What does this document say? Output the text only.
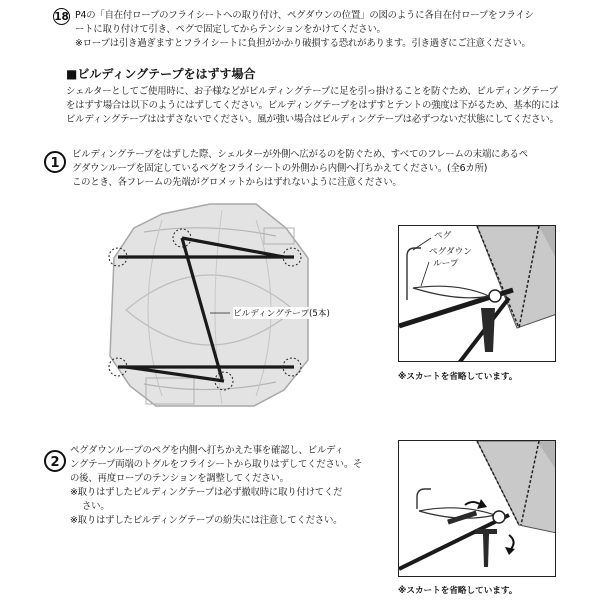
18 P4の「自在付ロープのフライシートへの取り付け、ペグダウンの位置」の図のように各自在付ロープをフライシ
ートに取り付けて引き、ペグで固定してからテンションをかけてください。
※ロープは引き過ぎますとフライシートに負担がかかり破損する恐れがあります。引き過ぎにご注意ください。
■ビルディングテープをはずす場合
シェルターとしてご使用時に、お子様などがビルディングテープに足を引っ掛けることを防ぐため、ビルディングテープ
をはずす場合は以下のようにはずしてください。ビルディングテープをはずすとテントの強度は下がるため、基本的には
ビルディングテープははずさないでください。風が強い場合はビルディングテープは必ずつないだ状態にしてください。
1
ビルディングテープをはずした際、シェルターが外側へ広がるのを防ぐため、すべてのフレームの末端にあるペ
グダウンループを固定しているペグをフライシートの外側から内側へ打ちかえてください。(全6カ所)
このとき、各フレームの先端がグロメットからはずれないように注意ください。
ビルディングテープ(5本)
ペグ
ペグダウン
ループ
※スカートを省略しています。
2
ペグダウンループのペグを内側へ打ちかえた事を確認し、ビルディ
ングテープ両端のトグルをフライシートから取りはずしてください。そ
の後、再度ロープのテンションを調整してください。
※取りはずしたビルディングテープは必ず撤収時に取り付けてくだ
さい。
※取りはずしたビルディングテープの紛失には注意してください。
※スカートを省略しています。
